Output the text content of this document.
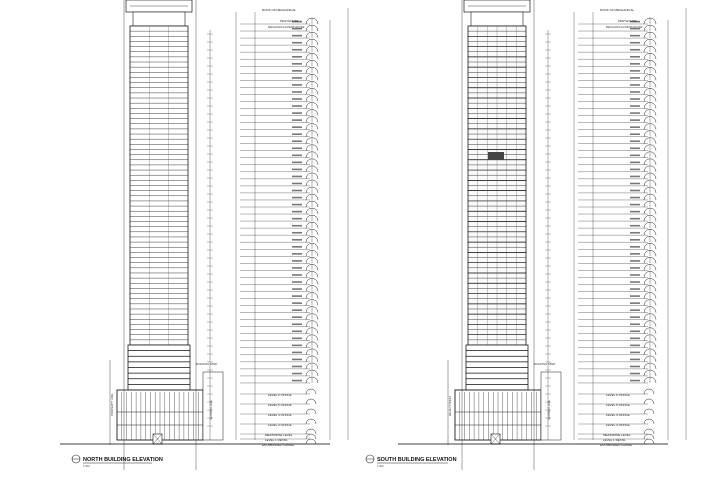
ROOF OF MECHANICAL
PENTHOUSE
MECHANICAL/PENTHOUSE
PROPERTY LINE	SETBACK LINE
BUILDING STEP
LEVEL 6 OFFICE
LEVEL 5 OFFICE
LEVEL 4 OFFICE
LEVEL 3 OFFICE
MEZZANINE LEVEL
LEVEL 1 RETAIL
ESTABLISHED GRADE
NORTH BUILDING ELEVATION
1:400
ROOF OF MECHANICAL
PENTHOUSE
MECHANICAL/PENTHOUSE
MILAN STREET	SETBACK LINE
BUILDING STEP
LEVEL 6 OFFICE
LEVEL 5 OFFICE
LEVEL 4 OFFICE
LEVEL 3 OFFICE
MEZZANINE LEVEL
LEVEL 1 RETAIL
ESTABLISHED GRADE
SOUTH BUILDING ELEVATION
1:400
